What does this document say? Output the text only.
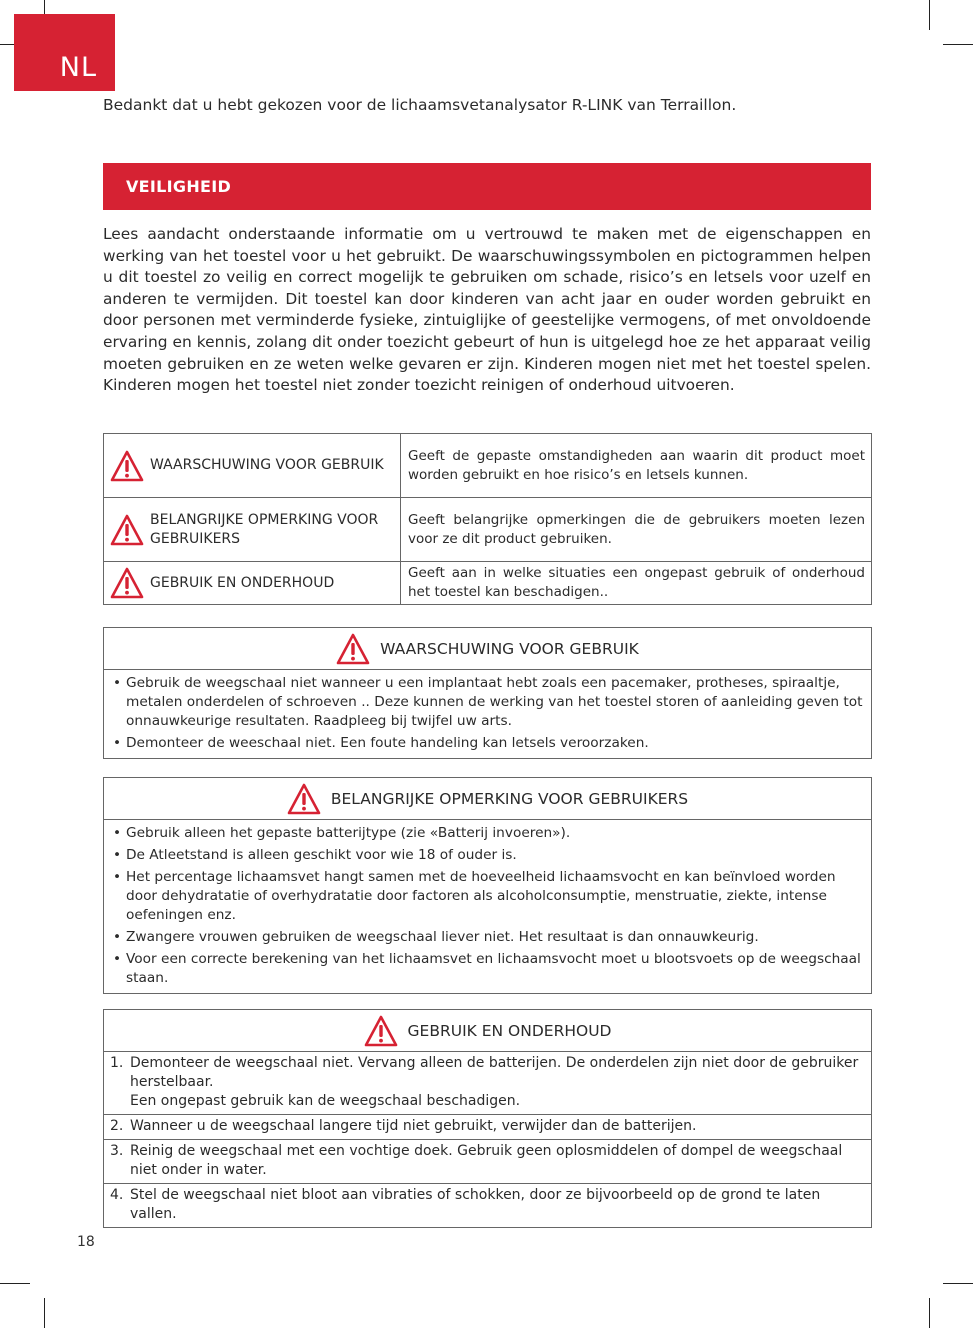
NL
Bedankt dat u hebt gekozen voor de lichaamsvetanalysator R-LINK van Terraillon.
VEILIGHEID

Lees aandacht onderstaande informatie om u vertrouwd te maken met de eigenschappen en werking van het toestel voor u het gebruikt. De waarschuwingssymbolen en pictogrammen helpen u dit toestel zo veilig en correct mogelijk te gebruiken om schade, risico’s en letsels voor uzelf en anderen te vermijden. Dit toestel kan door kinderen van acht jaar en ouder worden gebruikt en door personen met verminderde fysieke, zintuiglijke of geestelijke vermogens, of met onvoldoende ervaring en kennis, zolang dit onder toezicht gebeurt of hun is uitgelegd hoe ze het apparaat veilig moeten gebruiken en ze weten welke gevaren er zijn. Kinderen mogen niet met het toestel spelen. Kinderen mogen het toestel niet zonder toezicht reinigen of onderhoud uitvoeren.

WAARSCHUWING VOOR GEBRUIK	Geeft de gepaste omstandigheden aan waarin dit product moet worden gebruikt en hoe risico’s en letsels kunnen.

BELANGRIJKE OPMERKING VOOR GEBRUIKERS	Geeft belangrijke opmerkingen die de gebruikers moeten lezen voor ze dit product gebruiken.

GEBRUIK EN ONDERHOUD	Geeft aan in welke situaties een ongepast gebruik of onderhoud het toestel kan beschadigen..
WAARSCHUWING VOOR GEBRUIK
• Gebruik de weegschaal niet wanneer u een implantaat hebt zoals een pacemaker, protheses, spiraaltje, metalen onderdelen of schroeven .. Deze kunnen de werking van het toestel storen of aanleiding geven tot onnauwkeurige resultaten. Raadpleeg bij twijfel uw arts.
• Demonteer de weeschaal niet. Een foute handeling kan letsels veroorzaken.
BELANGRIJKE OPMERKING VOOR GEBRUIKERS
• Gebruik alleen het gepaste batterijtype (zie «Batterij invoeren»).
• De Atleetstand is alleen geschikt voor wie 18 of ouder is.
• Het percentage lichaamsvet hangt samen met de hoeveelheid lichaamsvocht en kan beïnvloed worden door dehydratatie of overhydratatie door factoren als alcoholconsumptie, menstruatie, ziekte, intense oefeningen enz.
• Zwangere vrouwen gebruiken de weegschaal liever niet. Het resultaat is dan onnauwkeurig.
• Voor een correcte berekening van het lichaamsvet en lichaamsvocht moet u blootsvoets op de weegschaal staan.
GEBRUIK EN ONDERHOUD
1.	Demonteer de weegschaal niet. Vervang alleen de batterijen. De onderdelen zijn niet door de gebruiker herstelbaar.
Een ongepast gebruik kan de weegschaal beschadigen.

2.	Wanneer u de weegschaal langere tijd niet gebruikt, verwijder dan de batterijen.
3.	Reinig de weegschaal met een vochtige doek. Gebruik geen oplosmiddelen of dompel de weegschaal niet onder in water.
4.	Stel de weegschaal niet bloot aan vibraties of schokken, door ze bijvoorbeeld op de grond te laten vallen.
18
